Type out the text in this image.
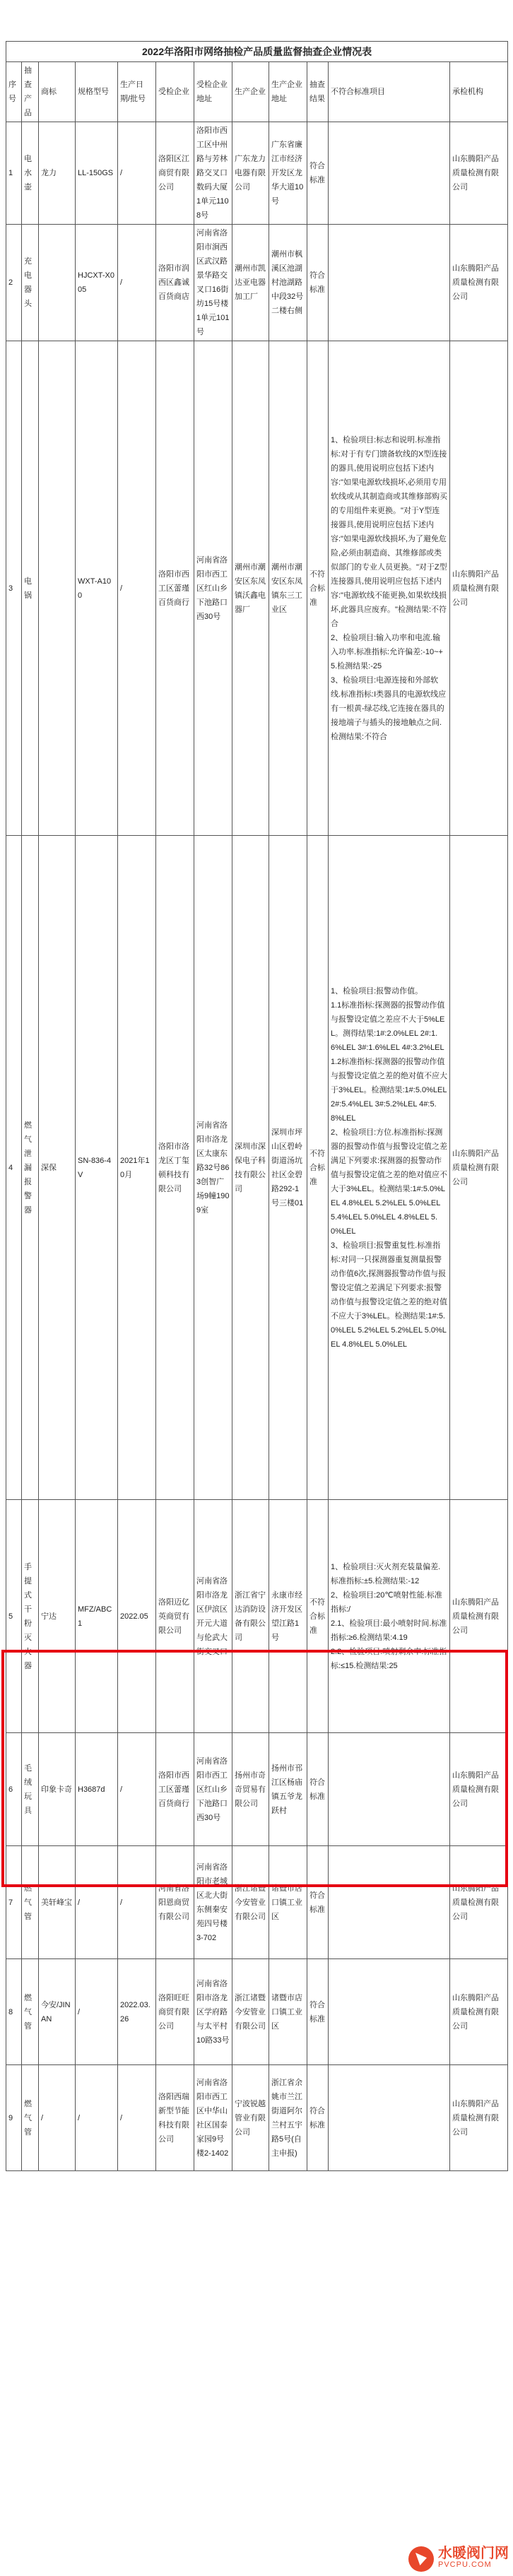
2022年洛阳市网络抽检产品质量监督抽查企业情况表											
序号	抽查产品	商标	规格型号	生产日期/批号	受检企业	受检企业地址	生产企业	生产企业地址	抽查结果	不符合标准项目	承检机构
1	电水壶	龙力	LL-150GS	/	洛阳区江商贸有限公司	洛阳市西工区中州路与芳林路交叉口数码大厦1单元1108号	广东龙力电器有限公司	广东省廉江市经济开发区龙华大道10号	符合标准		山东腾阳产品质量检测有限公司
2	充电器头		HJCXT-X005	/	洛阳市润西区鑫诚百货商店	河南省洛阳市涧西区武汉路景华路交叉口16街坊15号楼1单元101号	潮州市凯达亚电器加工厂	潮州市枫溪区池湖村池湖路中段32号二楼右侧	符合标准		山东腾阳产品质量检测有限公司
3	电锅		WXT-A100	/	洛阳市西工区蕾瑾百货商行	河南省洛阳市西工区红山乡下池路口西30号	潮州市潮安区东凤镇沃鑫电器厂	潮州市潮安区东凤镇东三工业区	不符合标准	1、检验项目:标志和说明.标准指标:对于有专门馈备软线的X型连接的器具,使用说明应包括下述内容:"如果电源软线损坏,必须用专用软线或从其制造商或其维修部购买的专用组件来更换。"对于Y型连接器具,使用说明应包括下述内容:"如果电源软线损坏,为了避免危险,必须由制造商、其维修部或类似部门的专业人员更换。"对于Z型连接器具,使用说明应包括下述内容:"电源软线不能更换,如果软线损坏,此器具应废弃。"检测结果:不符合
2、检验项目:输入功率和电流.输入功率.标准指标:允许偏差:-10~+5.检测结果:-25
3、检验项目:电源连接和外部软线.标准指标:I类器具的电源软线应有一根黄-绿芯线,它连接在器具的接地端子与插头的接地触点之间.检测结果:不符合	山东腾阳产品质量检测有限公司
4	燃气泄漏报警器	深保	SN-836-4V	2021年10月	洛阳市洛龙区丁玺顿科技有限公司	河南省洛阳市洛龙区太康东路32号863创智广场9幢1909室	深圳市深保电子科技有限公司	深圳市坪山区碧岭街道汤坑社区金碧路292-1号三楼01	不符合标准	1、检验项目:报警动作值。
1.1标准指标:探测器的报警动作值与报警设定值之差应不大于5%LEL。测得结果:1#:2.0%LEL 2#:1.6%LEL 3#:1.6%LEL 4#:3.2%LEL
1.2标准指标:探测器的报警动作值与报警设定值之差的绝对值不应大于3%LEL。检测结果:1#:5.0%LEL 2#:5.4%LEL 3#:5.2%LEL 4#:5.8%LEL
2、检验项目:方位.标准指标:探测器的报警动作值与报警设定值之差满足下列要求:探测器的报警动作值与报警设定值之差的绝对值应不大于3%LEL。检测结果:1#:5.0%LEL 4.8%LEL 5.2%LEL 5.0%LEL 5.4%LEL 5.0%LEL 4.8%LEL 5.0%LEL
3、检验项目:报警重复性.标准指标:对同一只探测器重复测量报警动作值6次,探测器报警动作值与报警设定值之差满足下列要求:报警动作值与报警设定值之差的绝对值不应大于3%LEL。检测结果:1#:5.0%LEL 5.2%LEL 5.2%LEL 5.0%LEL 4.8%LEL 5.0%LEL	山东腾阳产品质量检测有限公司
5	手提式干粉灭火器	宁达	MFZ/ABC1	2022.05	洛阳迈亿英商贸有限公司	河南省洛阳市洛龙区伊滨区开元大道与伦武大街交叉口	浙江省宁达消防设备有限公司	永康市经济开发区望江路1号	不符合标准	1、检验项目:灭火剂充装量偏差.标准指标:±5.检测结果:-12
2、检验项目:20℃喷射性能.标准指标:/
2.1、检验项目:最小喷射时间.标准指标:≥6.检测结果:4.19
2.2、检验项目:喷射剩余率.标准指标:≤15.检测结果:25	山东腾阳产品质量检测有限公司
6	毛绒玩具	印象卡奇	H3687d	/	洛阳市西工区蕾瑾百货商行	河南省洛阳市西工区红山乡下池路口西30号	扬州市奇奇贸易有限公司	扬州市邗江区杨庙镇五爷龙跃村	符合标准		山东腾阳产品质量检测有限公司
7	燃气管	美轩峰宝	/	/	河南省洛阳恩商贸有限公司	河南省洛阳市老城区北大街东侧秦安苑四号楼3-702	浙江诸暨今安管业有限公司	诸暨市店口镇工业区	符合标准		山东腾阳产品质量检测有限公司
8	燃气管	今安/JINAN	/	2022.03.26	洛阳旺旺商贸有限公司	河南省洛阳市洛龙区学府路与太平村10路33号	浙江诸暨今安管业有限公司	诸暨市店口镇工业区	符合标准		山东腾阳产品质量检测有限公司
9	燃气管	/	/	/	洛阳西瑞新型节能科技有限公司	河南省洛阳市西工区中华山社区国泰家园9号楼2-1402	宁波锐越管业有限公司	浙江省余姚市兰江街道阿尔兰村五宇路5号(自主申报)	符合标准		山东腾阳产品质量检测有限公司
水暖阀门网
PVCPU.COM
